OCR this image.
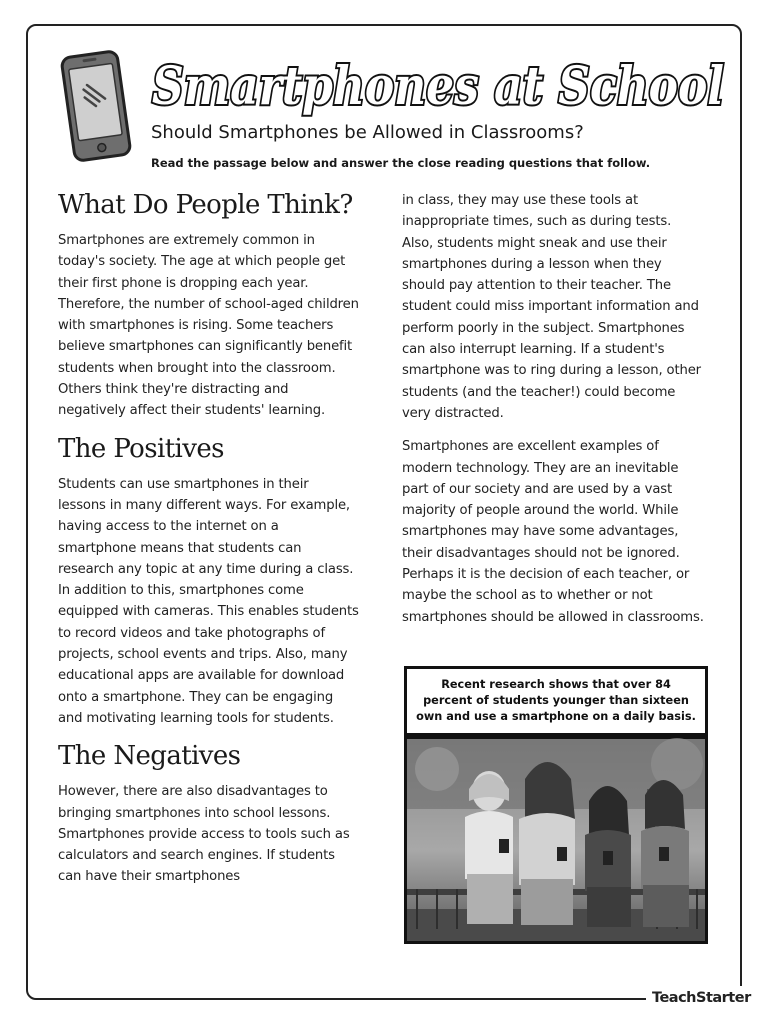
Smartphones at School
Should Smartphones be Allowed in Classrooms?

Read the passage below and answer the close reading questions that follow.

What Do People Think?

Smartphones are extremely common in today's society. The age at which people get their first phone is dropping each year. Therefore, the number of school-aged children with smartphones is rising. Some teachers believe smartphones can significantly benefit students when brought into the classroom. Others think they're distracting and negatively affect their students' learning.

The Positives

Students can use smartphones in their lessons in many different ways. For example, having access to the internet on a smartphone means that students can research any topic at any time during a class. In addition to this, smartphones come equipped with cameras. This enables students to record videos and take photographs of projects, school events and trips. Also, many educational apps are available for download onto a smartphone. They can be engaging and motivating learning tools for students.

The Negatives

However, there are also disadvantages to bringing smartphones into school lessons. Smartphones provide access to tools such as calculators and search engines. If students can have their smartphones

in class, they may use these tools at inappropriate times, such as during tests. Also, students might sneak and use their smartphones during a lesson when they should pay attention to their teacher. The student could miss important information and perform poorly in the subject. Smartphones can also interrupt learning. If a student's smartphone was to ring during a lesson, other students (and the teacher!) could become very distracted.

Smartphones are excellent examples of modern technology. They are an inevitable part of our society and are used by a vast majority of people around the world. While smartphones may have some advantages, their disadvantages should not be ignored. Perhaps it is the decision of each teacher, or maybe the school as to whether or not smartphones should be allowed in classrooms.

Recent research shows that over 84 percent of students younger than sixteen own and use a smartphone on a daily basis.

TeachStarter
